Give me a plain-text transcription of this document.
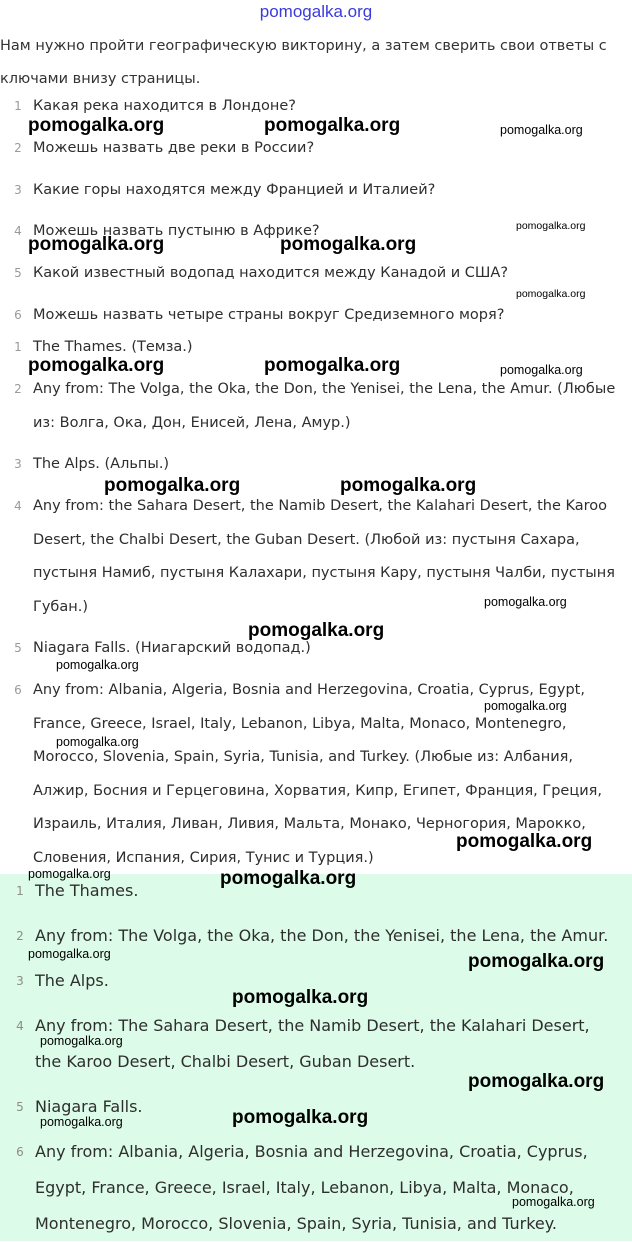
pomogalka.org
Нам нужно пройти географическую викторину, а затем сверить свои ответы с ключами внизу страницы.
1 Какая река находится в Лондоне?
2 Можешь назвать две реки в России?
3 Какие горы находятся между Францией и Италией?
4 Можешь назвать пустыню в Африке?
5 Какой известный водопад находится между Канадой и США?
6 Можешь назвать четыре страны вокруг Средиземного моря?
1 The Thames. (Темза.)
2 Any from: The Volga, the Oka, the Don, the Yenisei, the Lena, the Amur. (Любые из: Волга, Ока, Дон, Енисей, Лена, Амур.)
3 The Alps. (Альпы.)
4 Any from: the Sahara Desert, the Namib Desert, the Kalahari Desert, the Karoo Desert, the Chalbi Desert, the Guban Desert. (Любой из: пустыня Сахара, пустыня Намиб, пустыня Калахари, пустыня Кару, пустыня Чалби, пустыня Губан.)
5 Niagara Falls. (Ниагарский водопад.)
6 Any from: Albania, Algeria, Bosnia and Herzegovina, Croatia, Cyprus, Egypt, France, Greece, Israel, Italy, Lebanon, Libya, Malta, Monaco, Montenegro, Morocco, Slovenia, Spain, Syria, Tunisia, and Turkey. (Любые из: Албания, Алжир, Босния и Герцеговина, Хорватия, Кипр, Египет, Франция, Греция, Израиль, Италия, Ливан, Ливия, Мальта, Монако, Черногория, Марокко, Словения, Испания, Сирия, Тунис и Турция.)
1 The Thames.
2 Any from: The Volga, the Oka, the Don, the Yenisei, the Lena, the Amur.
3 The Alps.
4 Any from: The Sahara Desert, the Namib Desert, the Kalahari Desert, the Karoo Desert, Chalbi Desert, Guban Desert.
5 Niagara Falls.
6 Any from: Albania, Algeria, Bosnia and Herzegovina, Croatia, Cyprus, Egypt, France, Greece, Israel, Italy, Lebanon, Libya, Malta, Monaco, Montenegro, Morocco, Slovenia, Spain, Syria, Tunisia, and Turkey.
pomogalka.org	pomogalka.org	pomogalka.org
pomogalka.org
pomogalka.org	pomogalka.org
pomogalka.org
pomogalka.org	pomogalka.org	pomogalka.org
pomogalka.org	pomogalka.org
pomogalka.org
pomogalka.org
pomogalka.org
pomogalka.org
pomogalka.org
pomogalka.org
pomogalka.org	pomogalka.org
pomogalka.org	pomogalka.org
pomogalka.org
pomogalka.org
pomogalka.org
pomogalka.org
pomogalka.org
pomogalka.org
